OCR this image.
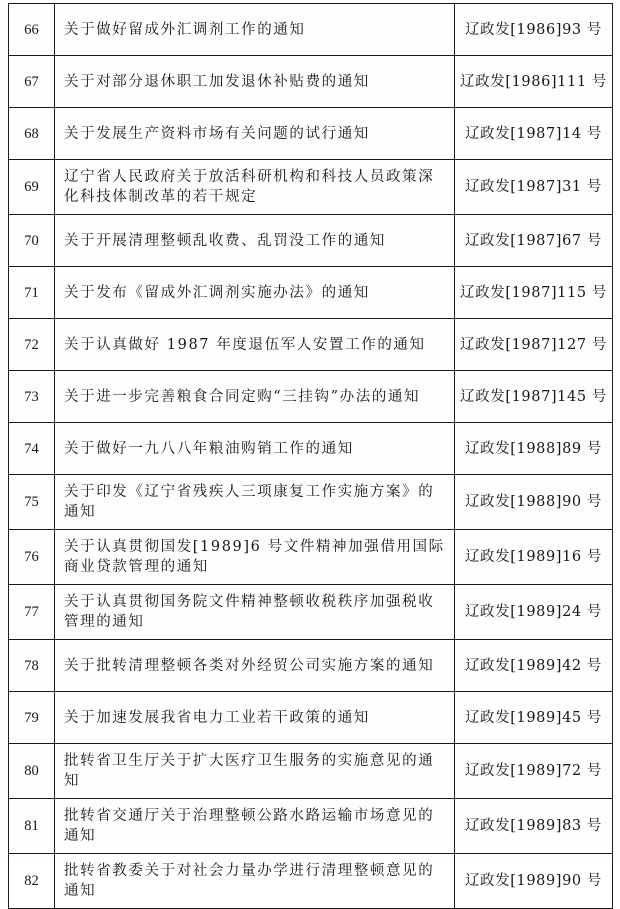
66	关于做好留成外汇调剂工作的通知	辽政发[1986]93 号
67	关于对部分退休职工加发退休补贴费的通知	辽政发[1986]111 号
68	关于发展生产资料市场有关问题的试行通知	辽政发[1987]14 号
69	辽宁省人民政府关于放活科研机构和科技人员政策深化科技体制改革的若干规定	辽政发[1987]31 号
70	关于开展清理整顿乱收费、乱罚没工作的通知	辽政发[1987]67 号
71	关于发布《留成外汇调剂实施办法》的通知	辽政发[1987]115 号
72	关于认真做好 1987 年度退伍军人安置工作的通知	辽政发[1987]127 号
73	关于进一步完善粮食合同定购“三挂钩”办法的通知	辽政发[1987]145 号
74	关于做好一九八八年粮油购销工作的通知	辽政发[1988]89 号
75	关于印发《辽宁省残疾人三项康复工作实施方案》的通知	辽政发[1988]90 号
76	关于认真贯彻国发[1989]6 号文件精神加强借用国际商业贷款管理的通知	辽政发[1989]16 号
77	关于认真贯彻国务院文件精神整顿收税秩序加强税收管理的通知	辽政发[1989]24 号
78	关于批转清理整顿各类对外经贸公司实施方案的通知	辽政发[1989]42 号
79	关于加速发展我省电力工业若干政策的通知	辽政发[1989]45 号
80	批转省卫生厅关于扩大医疗卫生服务的实施意见的通知	辽政发[1989]72 号
81	批转省交通厅关于治理整顿公路水路运输市场意见的通知	辽政发[1989]83 号
82	批转省教委关于对社会力量办学进行清理整顿意见的通知	辽政发[1989]90 号
